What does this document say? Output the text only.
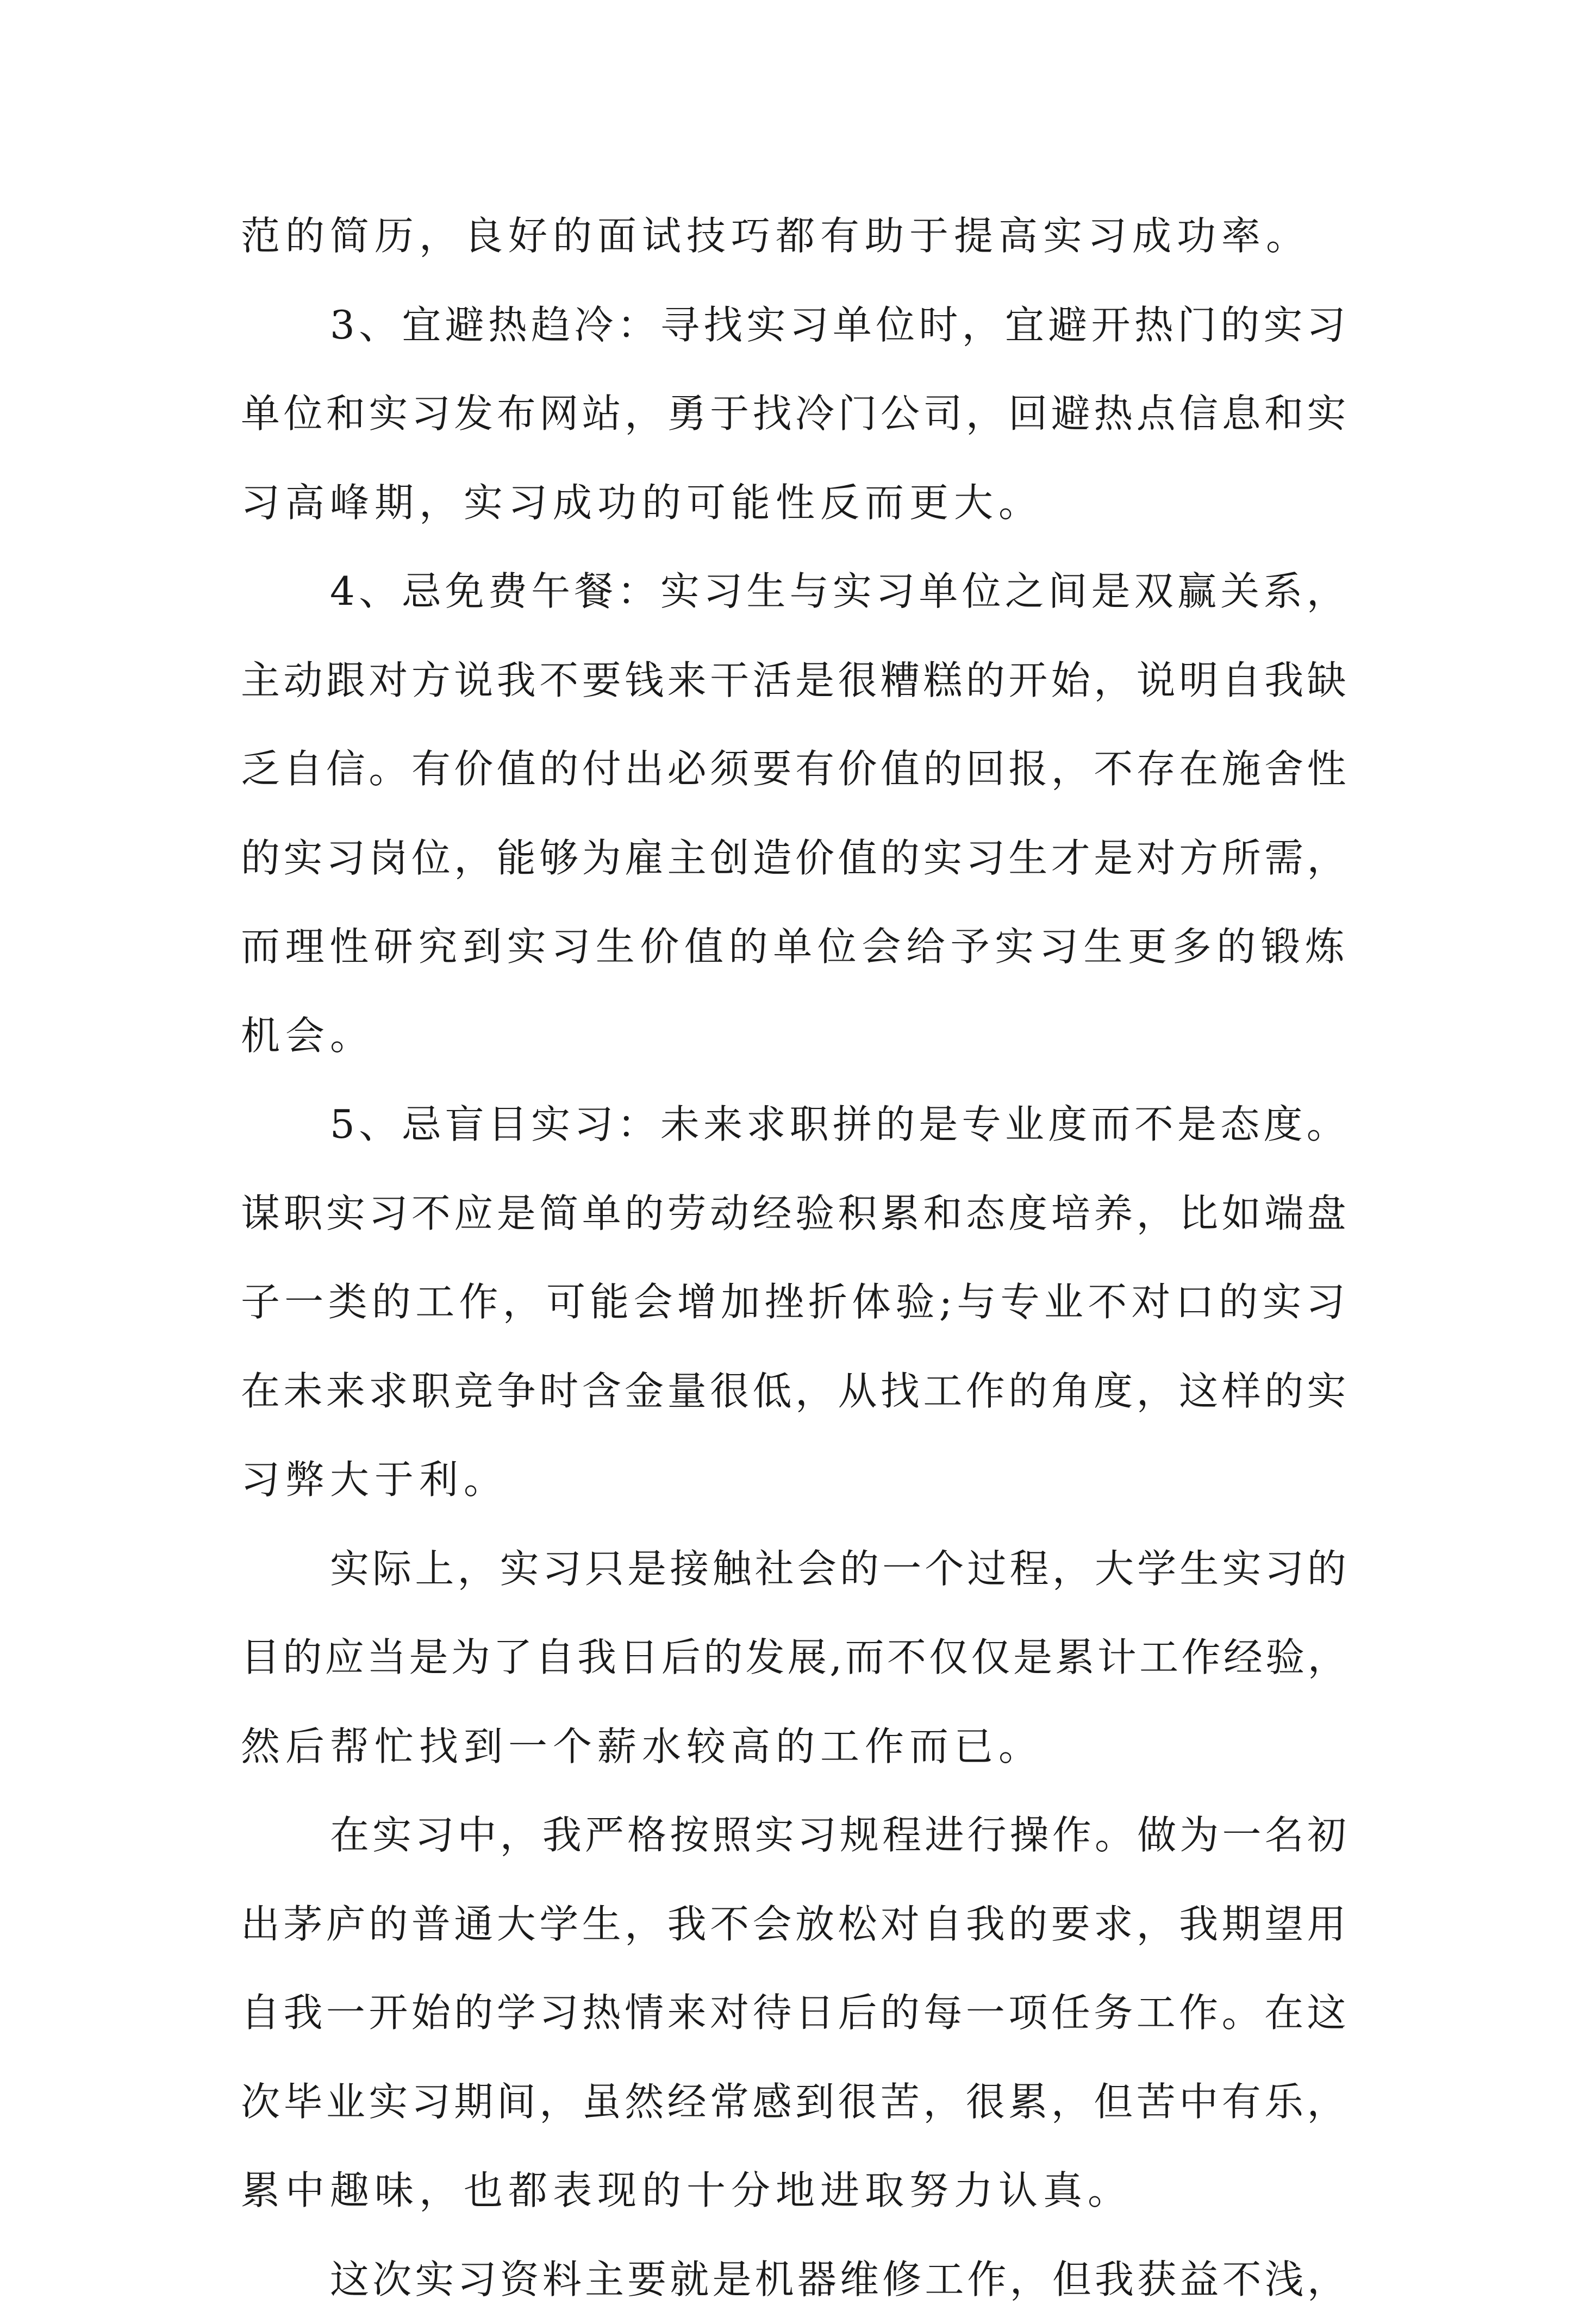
范的简历，良好的面试技巧都有助于提高实习成功率。
3、宜避热趋冷：寻找实习单位时，宜避开热门的实习
单位和实习发布网站，勇于找冷门公司，回避热点信息和实
习高峰期，实习成功的可能性反而更大。
4、忌免费午餐：实习生与实习单位之间是双赢关系，
主动跟对方说我不要钱来干活是很糟糕的开始，说明自我缺
乏自信。有价值的付出必须要有价值的回报，不存在施舍性
的实习岗位，能够为雇主创造价值的实习生才是对方所需，
而理性研究到实习生价值的单位会给予实习生更多的锻炼
机会。
5、忌盲目实习：未来求职拼的是专业度而不是态度。
谋职实习不应是简单的劳动经验积累和态度培养，比如端盘
子一类的工作，可能会增加挫折体验;与专业不对口的实习
在未来求职竞争时含金量很低，从找工作的角度，这样的实
习弊大于利。
实际上，实习只是接触社会的一个过程，大学生实习的
目的应当是为了自我日后的发展,而不仅仅是累计工作经验，
然后帮忙找到一个薪水较高的工作而已。
在实习中，我严格按照实习规程进行操作。做为一名初
出茅庐的普通大学生，我不会放松对自我的要求，我期望用
自我一开始的学习热情来对待日后的每一项任务工作。在这
次毕业实习期间，虽然经常感到很苦，很累，但苦中有乐，
累中趣味，也都表现的十分地进取努力认真。
这次实习资料主要就是机器维修工作，但我获益不浅，
